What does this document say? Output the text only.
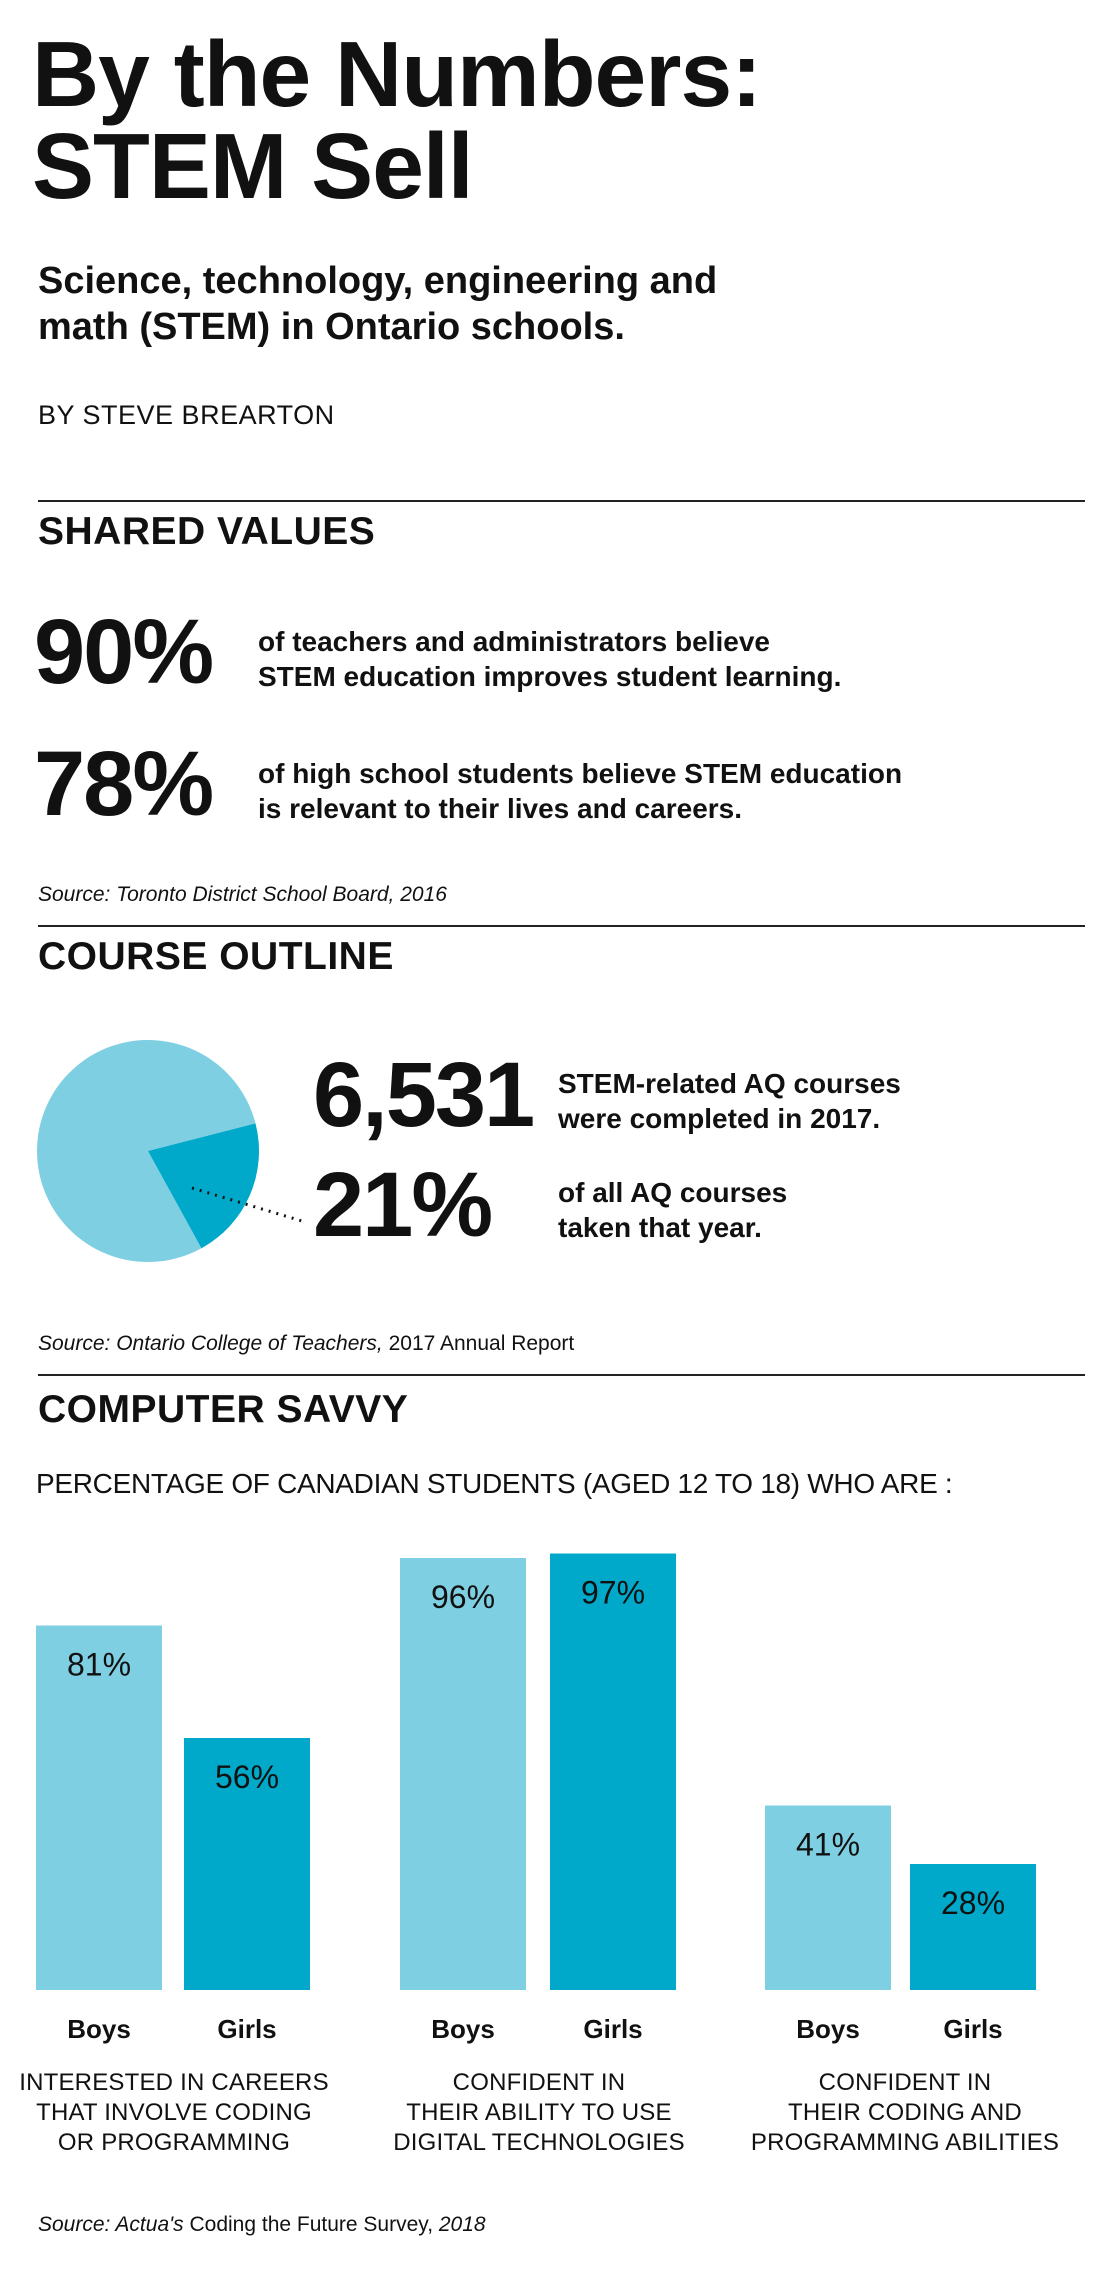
By the Numbers:
STEM Sell
Science, technology, engineering and math (STEM) in Ontario schools.
BY STEVE BREARTON
SHARED VALUES
90% of teachers and administrators believe
STEM education improves student learning.
78% of high school students believe STEM education
is relevant to their lives and careers.
Source: Toronto District School Board, 2016
COURSE OUTLINE
6,531 STEM-related AQ courses
were completed in 2017.
21% of all AQ courses
taken that year.
Source: Ontario College of Teachers, 2017 Annual Report
COMPUTER SAVVY
PERCENTAGE OF CANADIAN STUDENTS (AGED 12 TO 18) WHO ARE :
81%
Boys
56%
Girls
96%
Boys
97%
Girls
41%
Boys
28%
Girls
INTERESTED IN CAREERS
THAT INVOLVE CODING
OR PROGRAMMING
CONFIDENT IN
THEIR ABILITY TO USE
DIGITAL TECHNOLOGIES
CONFIDENT IN
THEIR CODING AND
PROGRAMMING ABILITIES
Source: Actua's Coding the Future Survey, 2018
